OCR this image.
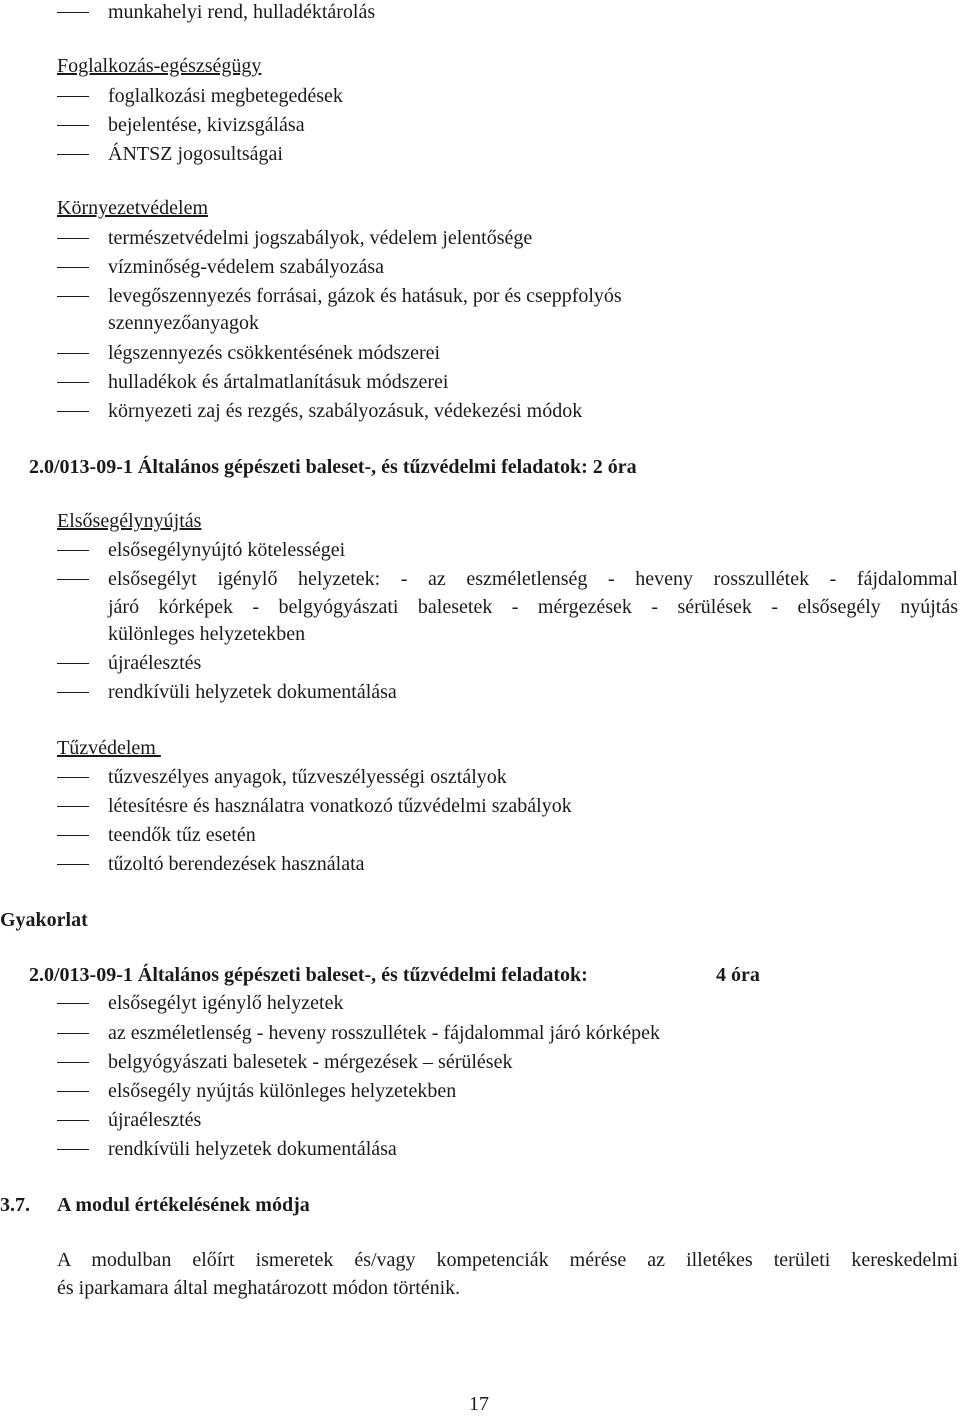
munkahelyi rend, hulladéktárolás
Foglalkozás-egészségügy
foglalkozási megbetegedések
bejelentése, kivizsgálása
ÁNTSZ jogosultságai
Környezetvédelem
természetvédelmi jogszabályok, védelem jelentősége
vízminőség-védelem szabályozása
levegőszennyezés forrásai, gázok és hatásuk, por és cseppfolyós
szennyezőanyagok
légszennyezés csökkentésének módszerei
hulladékok és ártalmatlanításuk módszerei
környezeti zaj és rezgés, szabályozásuk, védekezési módok
2.0/013-09-1 Általános gépészeti baleset-, és tűzvédelmi feladatok: 2 óra
Elsősegélynyújtás
elsősegélynyújtó kötelességei
elsősegélyt igénylő helyzetek: - az eszméletlenség - heveny rosszullétek - fájdalommal
járó kórképek - belgyógyászati balesetek - mérgezések - sérülések - elsősegély nyújtás
különleges helyzetekben
újraélesztés
rendkívüli helyzetek dokumentálása
Tűzvédelem
tűzveszélyes anyagok, tűzveszélyességi osztályok
létesítésre és használatra vonatkozó tűzvédelmi szabályok
teendők tűz esetén
tűzoltó berendezések használata
Gyakorlat
2.0/013-09-1 Általános gépészeti baleset-, és tűzvédelmi feladatok:	4 óra
elsősegélyt igénylő helyzetek
az eszméletlenség - heveny rosszullétek - fájdalommal járó kórképek
belgyógyászati balesetek - mérgezések – sérülések
elsősegély nyújtás különleges helyzetekben
újraélesztés
rendkívüli helyzetek dokumentálása
3.7. A modul értékelésének módja
A modulban előírt ismeretek és/vagy kompetenciák mérése az illetékes területi kereskedelmi
és iparkamara által meghatározott módon történik.
17
